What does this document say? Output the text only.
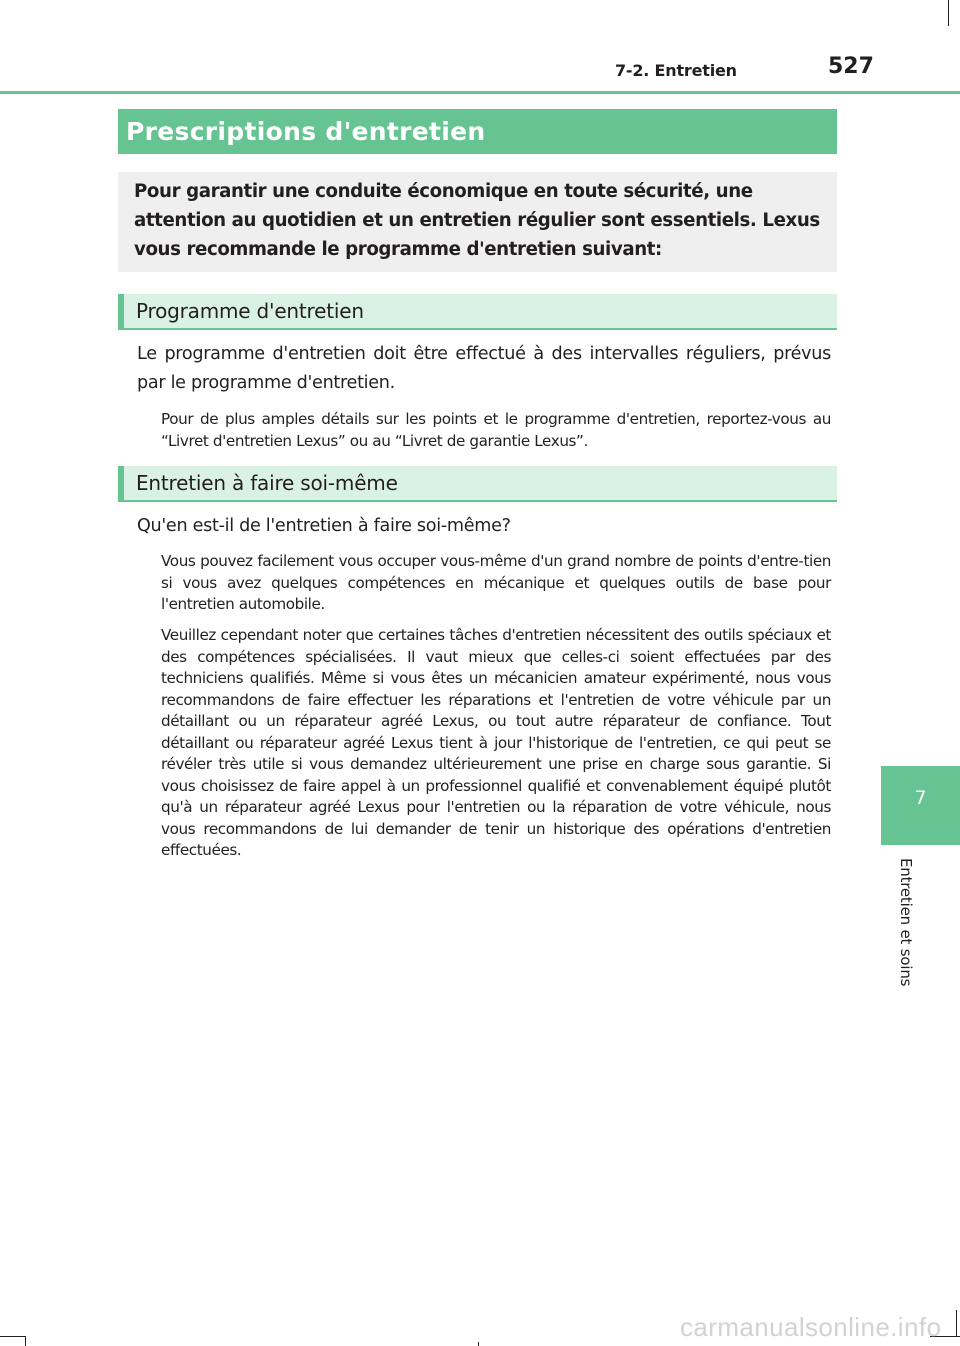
7-2. Entretien	527
Prescriptions d'entretien
Pour garantir une conduite économique en toute sécurité, une attention au quotidien et un entretien régulier sont essentiels. Lexus vous recommande le programme d'entretien suivant:
Programme d'entretien
Le programme d'entretien doit être effectué à des intervalles réguliers, prévus par le programme d'entretien.
Pour de plus amples détails sur les points et le programme d'entretien, reportez-vous au “Livret d'entretien Lexus” ou au “Livret de garantie Lexus”.
Entretien à faire soi-même
Qu'en est-il de l'entretien à faire soi-même?
Vous pouvez facilement vous occuper vous-même d'un grand nombre de points d'entre-tien si vous avez quelques compétences en mécanique et quelques outils de base pour l'entretien automobile.
Veuillez cependant noter que certaines tâches d'entretien nécessitent des outils spéciaux et des compétences spécialisées. Il vaut mieux que celles-ci soient effectuées par des techniciens qualifiés. Même si vous êtes un mécanicien amateur expérimenté, nous vous recommandons de faire effectuer les réparations et l'entretien de votre véhicule par un détaillant ou un réparateur agréé Lexus, ou tout autre réparateur de confiance. Tout détaillant ou réparateur agréé Lexus tient à jour l'historique de l'entretien, ce qui peut se révéler très utile si vous demandez ultérieurement une prise en charge sous garantie. Si vous choisissez de faire appel à un professionnel qualifié et convenablement équipé plutôt qu'à un réparateur agréé Lexus pour l'entretien ou la réparation de votre véhicule, nous vous recommandons de lui demander de tenir un historique des opérations d'entretien effectuées.
7
Entretien et soins
carmanualsonline.info
